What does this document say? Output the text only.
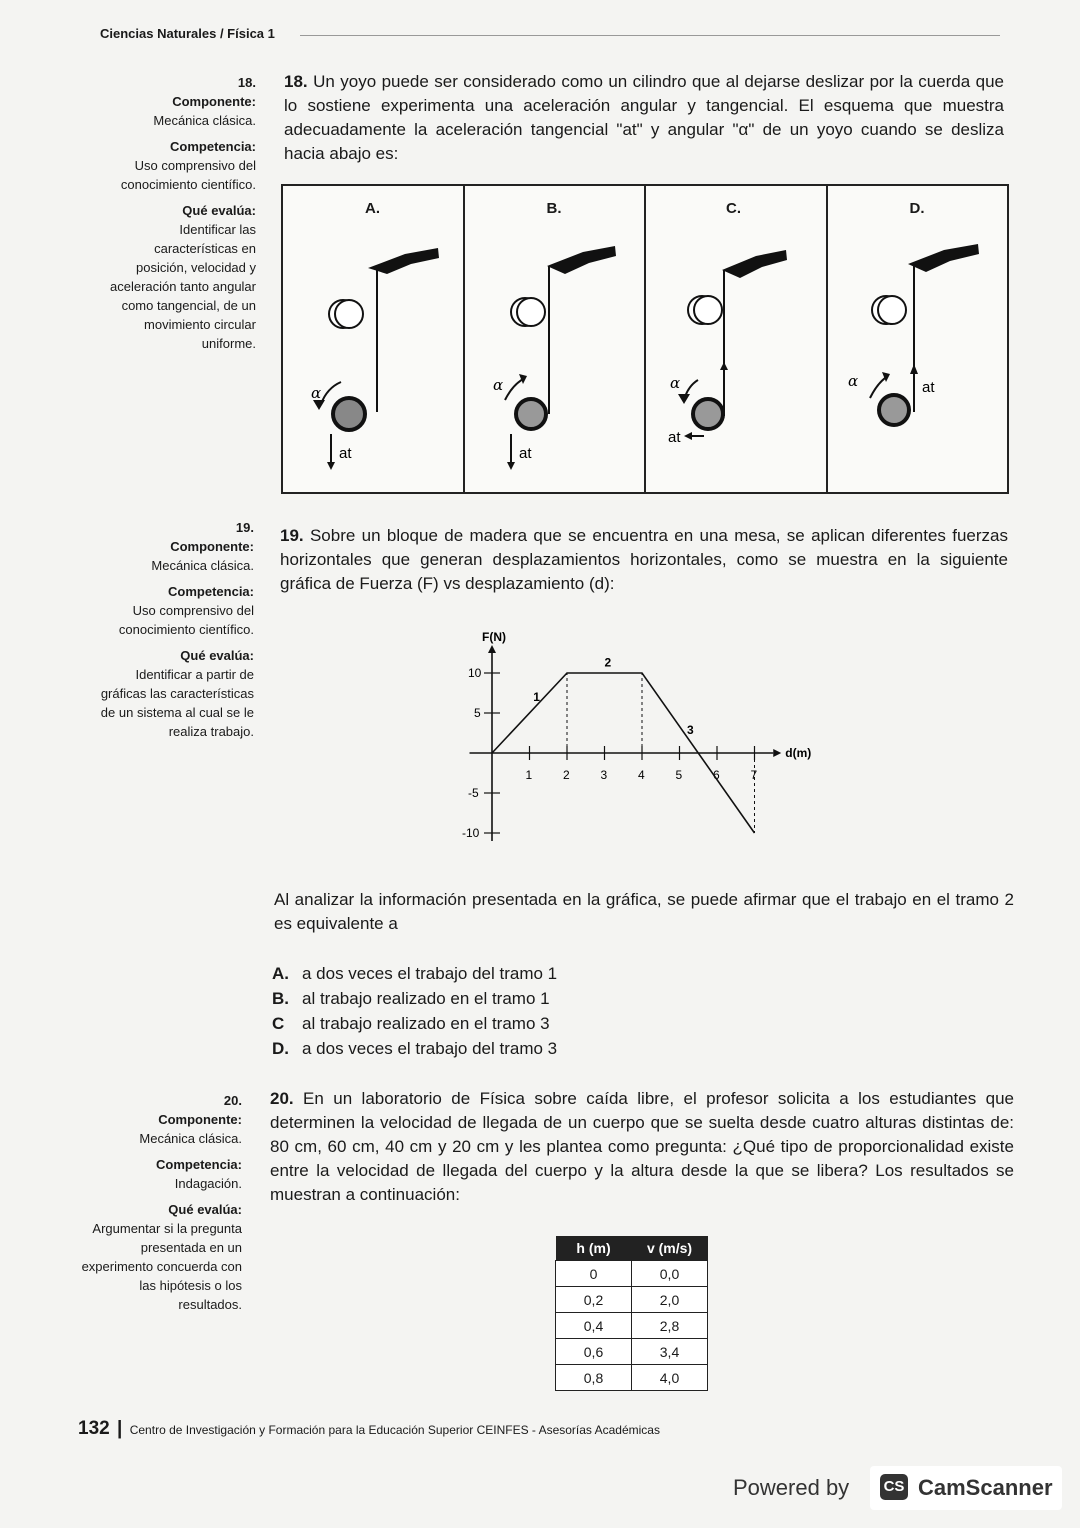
Ciencias Naturales / Física 1
18.
Componente:
Mecánica clásica.
Competencia:
Uso comprensivo del conocimiento científico.
Qué evalúa:
Identificar las características en posición, velocidad y aceleración tanto angular como tangencial, de un movimiento circular uniforme.
18. Un yoyo puede ser considerado como un cilindro que al dejarse deslizar por la cuerda que lo sostiene experimenta una aceleración angular y tangencial. El esquema que muestra adecuadamente la aceleración tangencial "at" y angular "α" de un yoyo cuando se desliza hacia abajo es:
A.
α
at
B.
α
at
C.
α
at
D.
α	at
19.
Componente:
Mecánica clásica.
Competencia:
Uso comprensivo del conocimiento científico.
Qué evalúa:
Identificar a partir de gráficas las características de un sistema al cual se le realiza trabajo.
19. Sobre un bloque de madera que se encuentra en una mesa, se aplican diferentes fuerzas horizontales que generan desplazamientos horizontales, como se muestra en la siguiente gráfica de Fuerza (F) vs desplazamiento (d):
F(N)
d(m)
1	2	3	4	5	6	7
10
5
-5
-10
1
2
3
Al analizar la información presentada en la gráfica, se puede afirmar que el trabajo en el tramo 2 es equivalente a
A. a dos veces el trabajo del tramo 1
B. al trabajo realizado en el tramo 1
C al trabajo realizado en el tramo 3
D. a dos veces el trabajo del tramo 3
20.
Componente:
Mecánica clásica.
Competencia:
Indagación.
Qué evalúa:
Argumentar si la pregunta presentada en un experimento concuerda con las hipótesis o los resultados.
20. En un laboratorio de Física sobre caída libre, el profesor solicita a los estudiantes que determinen la velocidad de llegada de un cuerpo que se suelta desde cuatro alturas distintas de: 80 cm, 60 cm, 40 cm y 20 cm y les plantea como pregunta: ¿Qué tipo de proporcionalidad existe entre la velocidad de llegada del cuerpo y la altura desde la que se libera? Los resultados se muestran a continuación:
h (m)	v (m/s)
0	0,0
0,2	2,0
0,4	2,8
0,6	3,4
0,8	4,0
132 | Centro de Investigación y Formación para la Educación Superior CEINFES - Asesorías Académicas
Powered by CS CamScanner
